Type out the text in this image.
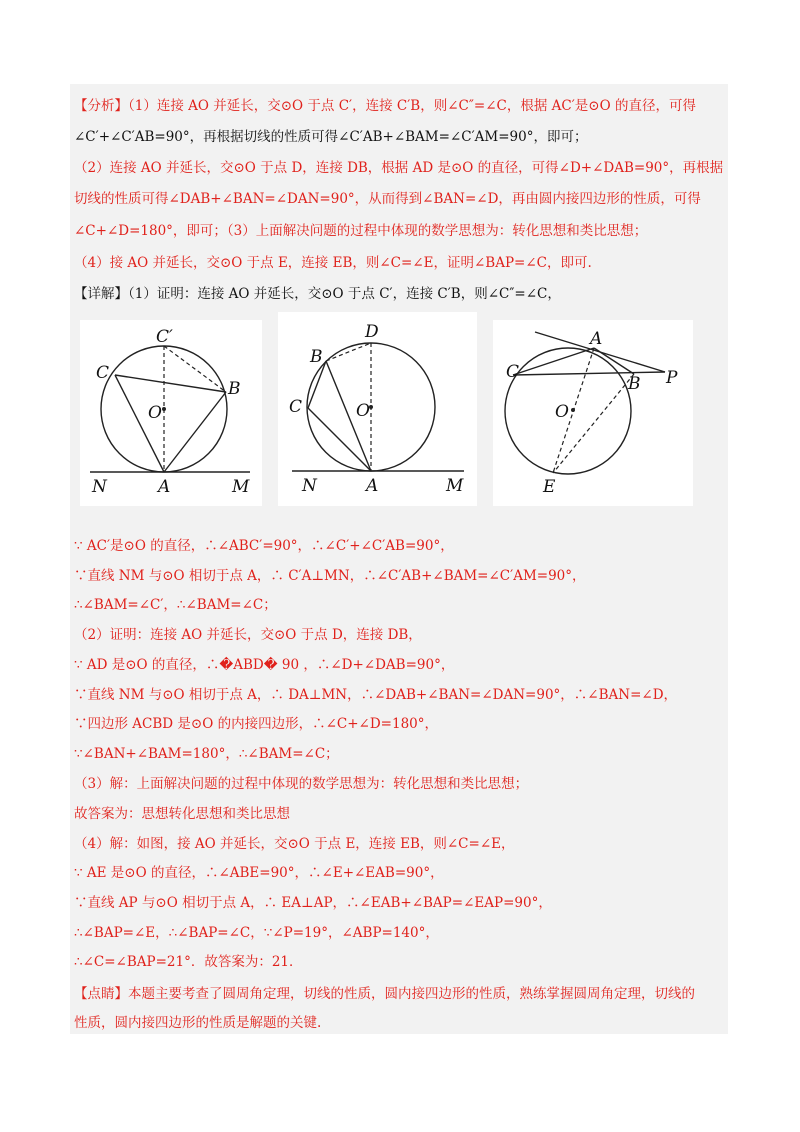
【分析】（1）连接 AO 并延长，交⊙O 于点 C′，连接 C′B，则∠C″=∠C，根据 AC′是⊙O 的直径，可得
∠C′+∠C′AB=90°，再根据切线的性质可得∠C′AB+∠BAM=∠C′AM=90°，即可；
（2）连接 AO 并延长，交⊙O 于点 D，连接 DB，根据 AD 是⊙O 的直径，可得∠D+∠DAB=90°，再根据
切线的性质可得∠DAB+∠BAN=∠DAN=90°，从而得到∠BAN=∠D，再由圆内接四边形的性质，可得
∠C+∠D=180°，即可；（3）上面解决问题的过程中体现的数学思想为：转化思想和类比思想；
（4）接 AO 并延长，交⊙O 于点 E，连接 EB，则∠C=∠E，证明∠BAP=∠C，即可.
【详解】（1）证明：连接 AO 并延长，交⊙O 于点 C′，连接 C′B，则∠C″=∠C，
C′
C
B
O
N	A	M
D
B
C	O
N	A	M
A
C
B P
O
E
∵ AC′是⊙O 的直径，∴∠ABC′=90°，∴∠C′+∠C′AB=90°，
∵直线 NM 与⊙O 相切于点 A，∴ C′A⊥MN，∴∠C′AB+∠BAM=∠C′AM=90°，
∴∠BAM=∠C′，∴∠BAM=∠C；
（2）证明：连接 AO 并延长，交⊙O 于点 D，连接 DB，
∵ AD 是⊙O 的直径，∴�ABD� 90 ，∴∠D+∠DAB=90°，
∵直线 NM 与⊙O 相切于点 A，∴ DA⊥MN，∴∠DAB+∠BAN=∠DAN=90°，∴∠BAN=∠D，
∵四边形 ACBD 是⊙O 的内接四边形，∴∠C+∠D=180°，
∵∠BAN+∠BAM=180°，∴∠BAM=∠C；
（3）解：上面解决问题的过程中体现的数学思想为：转化思想和类比思想；
故答案为：思想转化思想和类比思想
（4）解：如图，接 AO 并延长，交⊙O 于点 E，连接 EB，则∠C=∠E，
∵ AE 是⊙O 的直径，∴∠ABE=90°，∴∠E+∠EAB=90°，
∵直线 AP 与⊙O 相切于点 A，∴ EA⊥AP，∴∠EAB+∠BAP=∠EAP=90°，
∴∠BAP=∠E，∴∠BAP=∠C，∵∠P=19°，∠ABP=140°，
∴∠C=∠BAP=21°．故答案为：21．
【点睛】本题主要考查了圆周角定理，切线的性质，圆内接四边形的性质，熟练掌握圆周角定理，切线的
性质，圆内接四边形的性质是解题的关键.
